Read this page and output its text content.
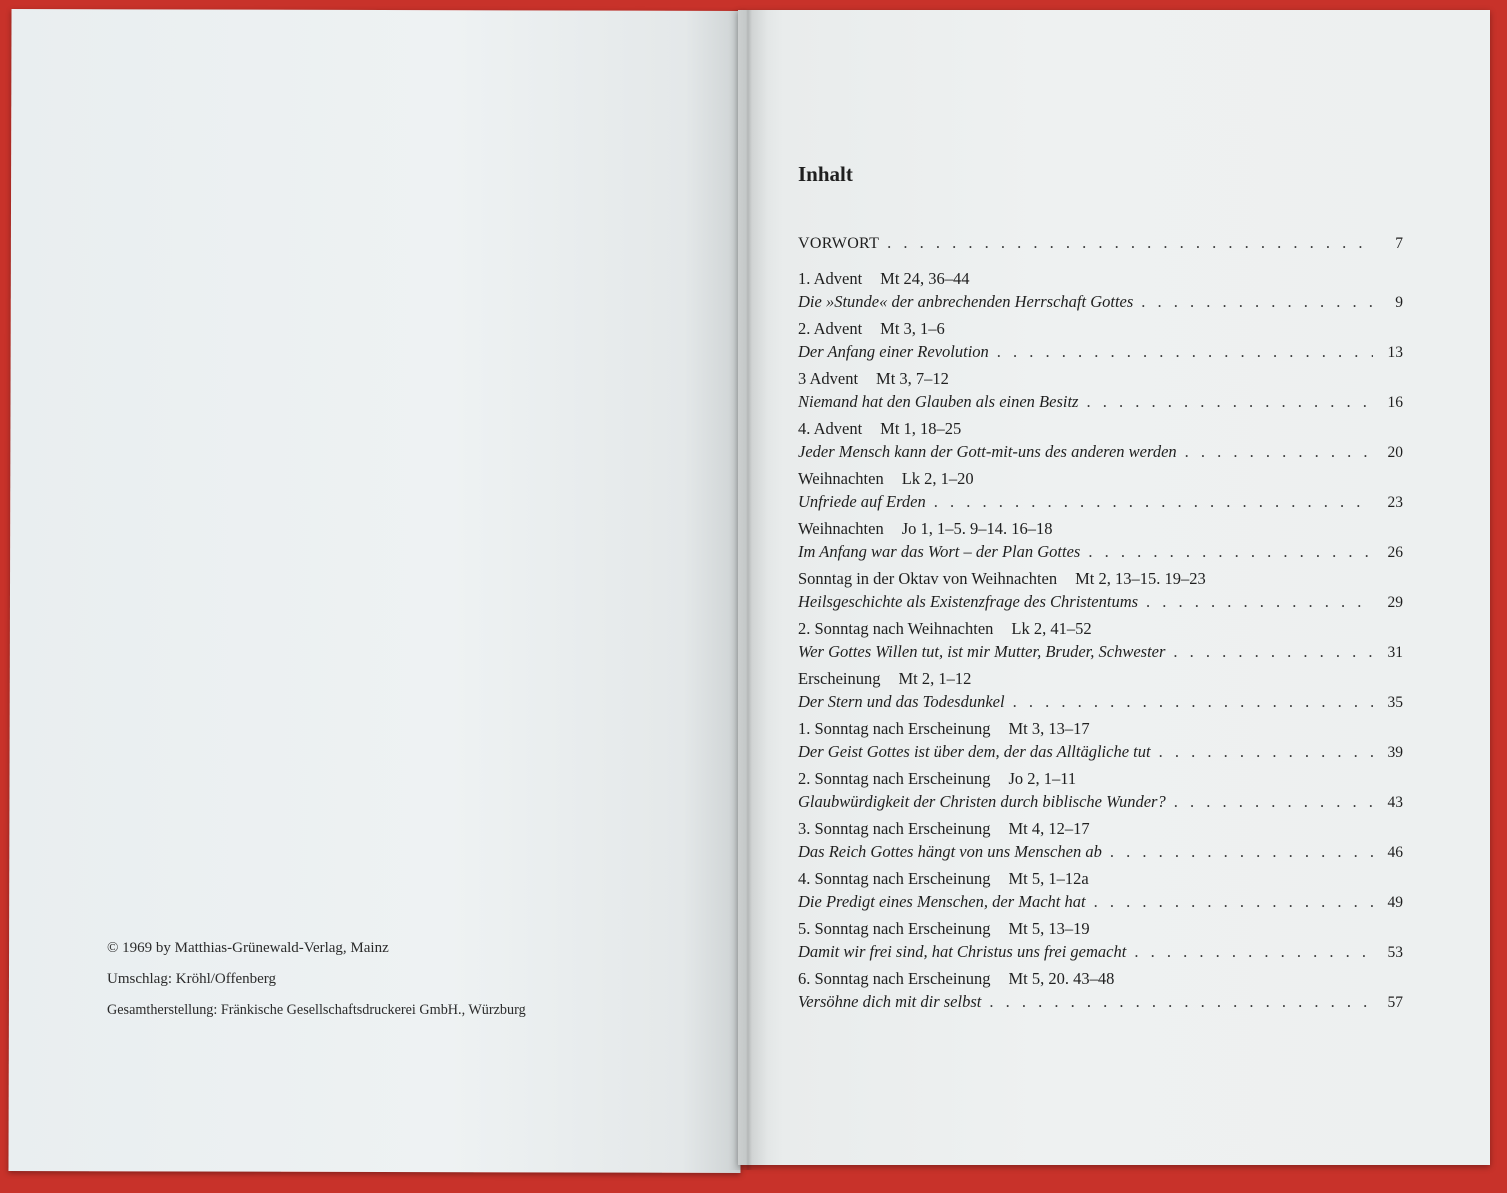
© 1969 by Matthias-Grünewald-Verlag, Mainz
Umschlag: Kröhl/Offenberg
Gesamtherstellung: Fränkische Gesellschaftsdruckerei GmbH., Würzburg
Inhalt
VORWORT . . .	7
1. Advent Mt 24, 36–44
Die »Stunde« der anbrechenden Herrschaft Gottes . . .	9
2. Advent Mt 3, 1–6
Der Anfang einer Revolution . . .	13
3 Advent Mt 3, 7–12
Niemand hat den Glauben als einen Besitz . . .	16
4. Advent Mt 1, 18–25
Jeder Mensch kann der Gott-mit-uns des anderen werden . . .	20
Weihnachten Lk 2, 1–20
Unfriede auf Erden . . .	23
Weihnachten Jo 1, 1–5. 9–14. 16–18
Im Anfang war das Wort – der Plan Gottes . . .	26
Sonntag in der Oktav von Weihnachten Mt 2, 13–15. 19–23
Heilsgeschichte als Existenzfrage des Christentums . . .	29
2. Sonntag nach Weihnachten Lk 2, 41–52
Wer Gottes Willen tut, ist mir Mutter, Bruder, Schwester . . .	31
Erscheinung Mt 2, 1–12
Der Stern und das Todesdunkel . . .	35
1. Sonntag nach Erscheinung Mt 3, 13–17
Der Geist Gottes ist über dem, der das Alltägliche tut . . .	39
2. Sonntag nach Erscheinung Jo 2, 1–11
Glaubwürdigkeit der Christen durch biblische Wunder? . . .	43
3. Sonntag nach Erscheinung Mt 4, 12–17
Das Reich Gottes hängt von uns Menschen ab . . .	46
4. Sonntag nach Erscheinung Mt 5, 1–12a
Die Predigt eines Menschen, der Macht hat . . .	49
5. Sonntag nach Erscheinung Mt 5, 13–19
Damit wir frei sind, hat Christus uns frei gemacht . . .	53
6. Sonntag nach Erscheinung Mt 5, 20. 43–48
Versöhne dich mit dir selbst . . .	57
